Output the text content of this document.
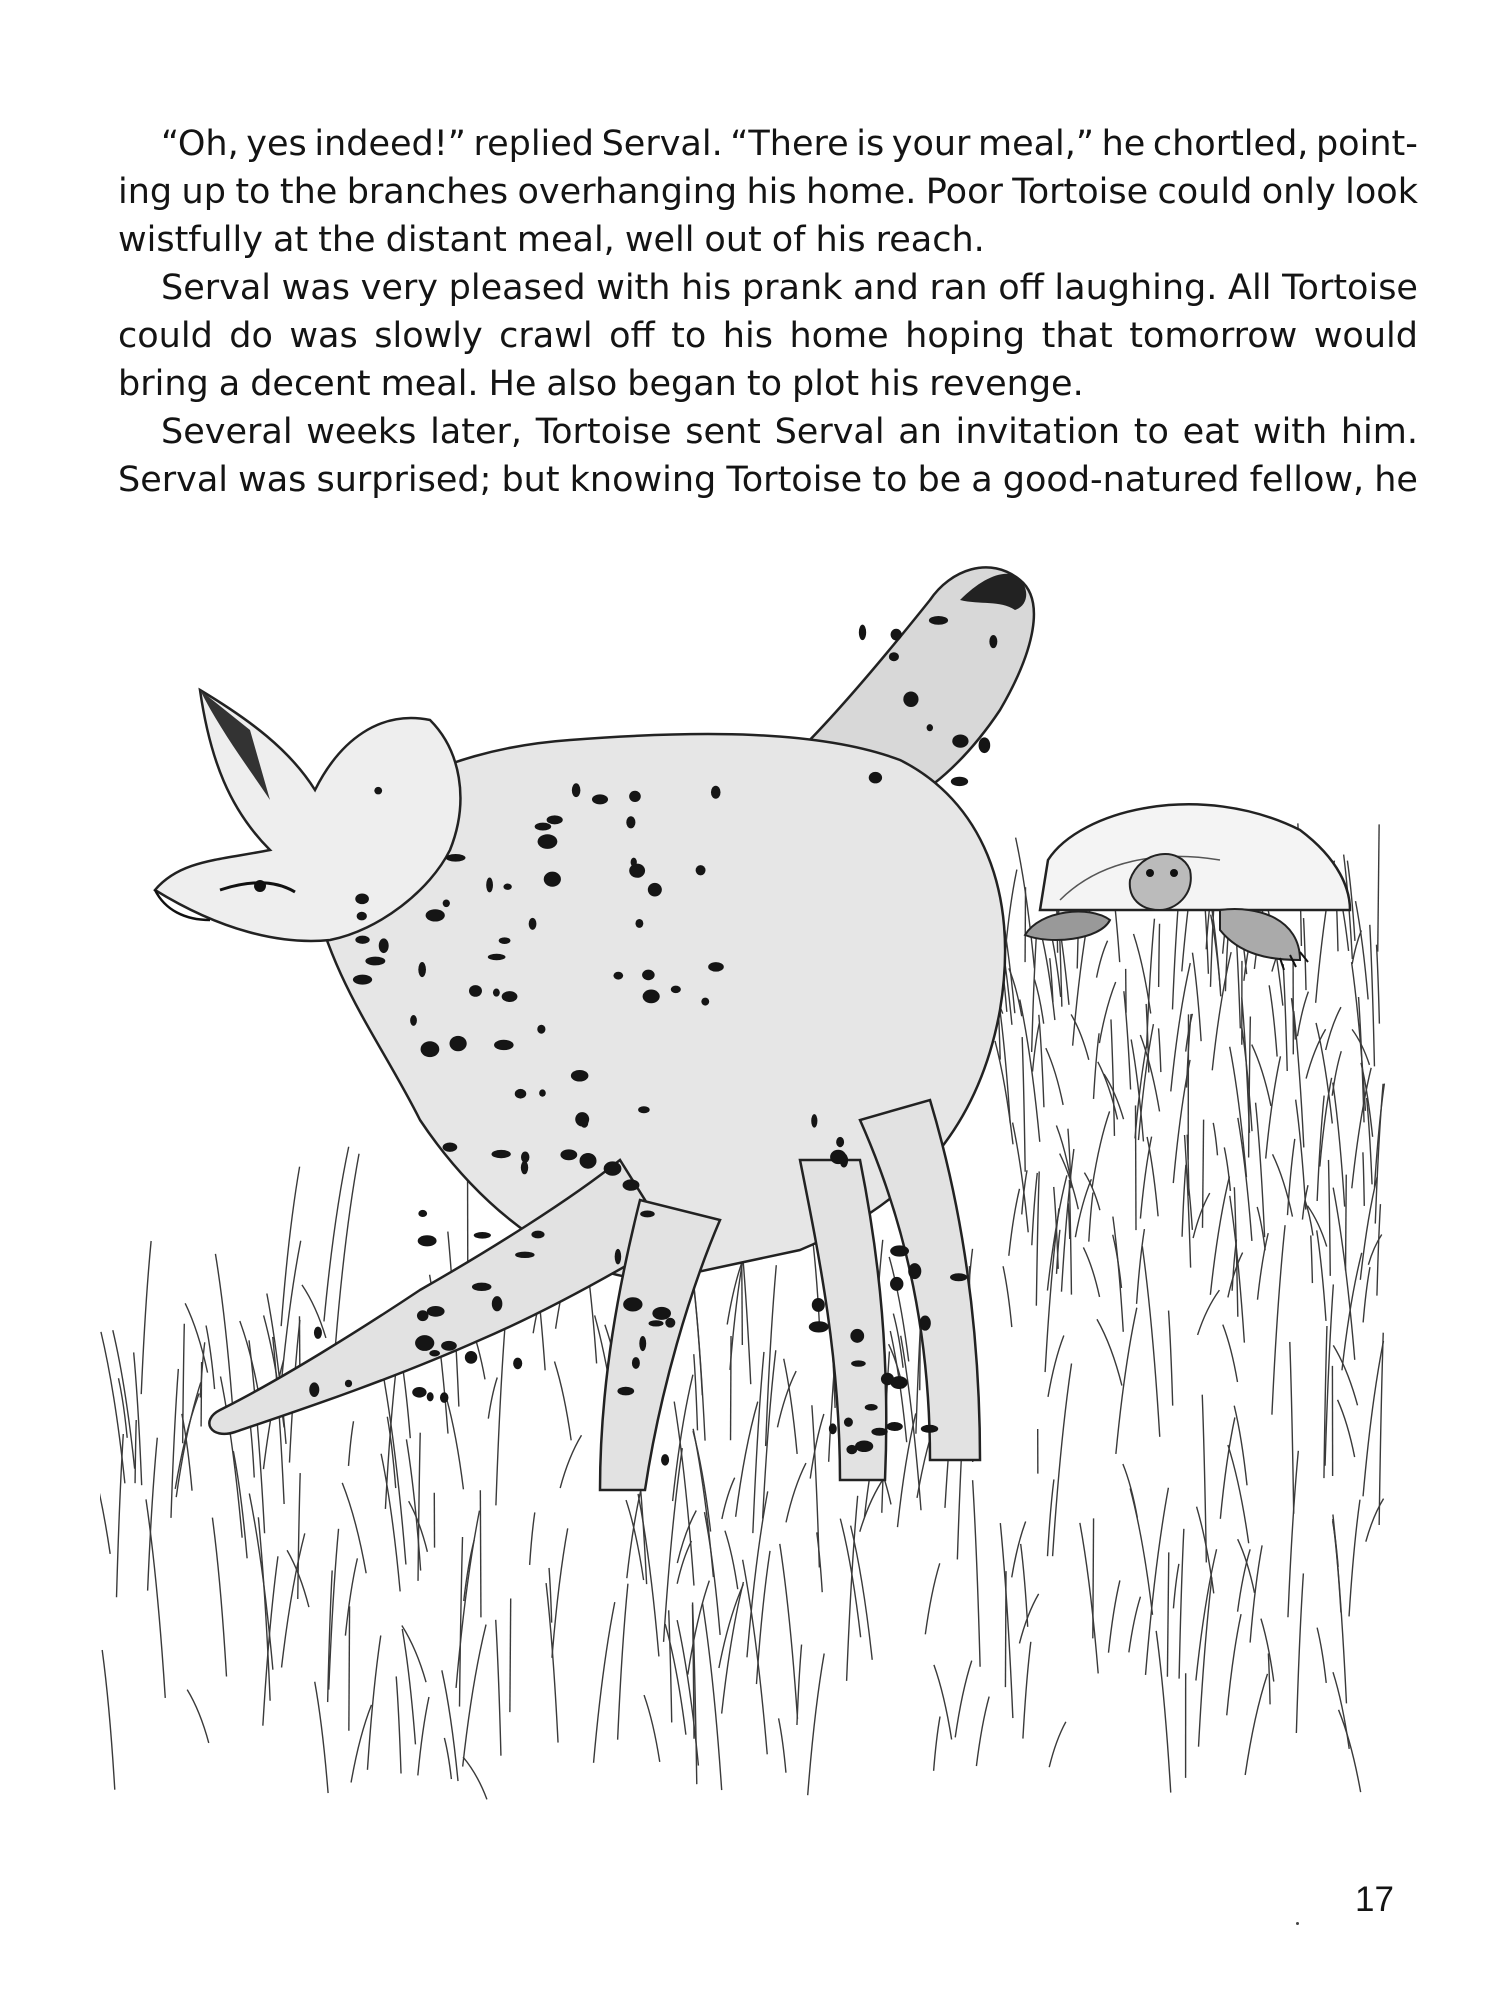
“Oh, yes indeed!” replied Serval. “There is your meal,” he chortled, point-
ing up to the branches overhanging his home. Poor Tortoise could only look
wistfully at the distant meal, well out of his reach.
Serval was very pleased with his prank and ran off laughing. All Tortoise
could do was slowly crawl off to his home hoping that tomorrow would
bring a decent meal. He also began to plot his revenge.
Several weeks later, Tortoise sent Serval an invitation to eat with him.
Serval was surprised; but knowing Tortoise to be a good-natured fellow, he
17
